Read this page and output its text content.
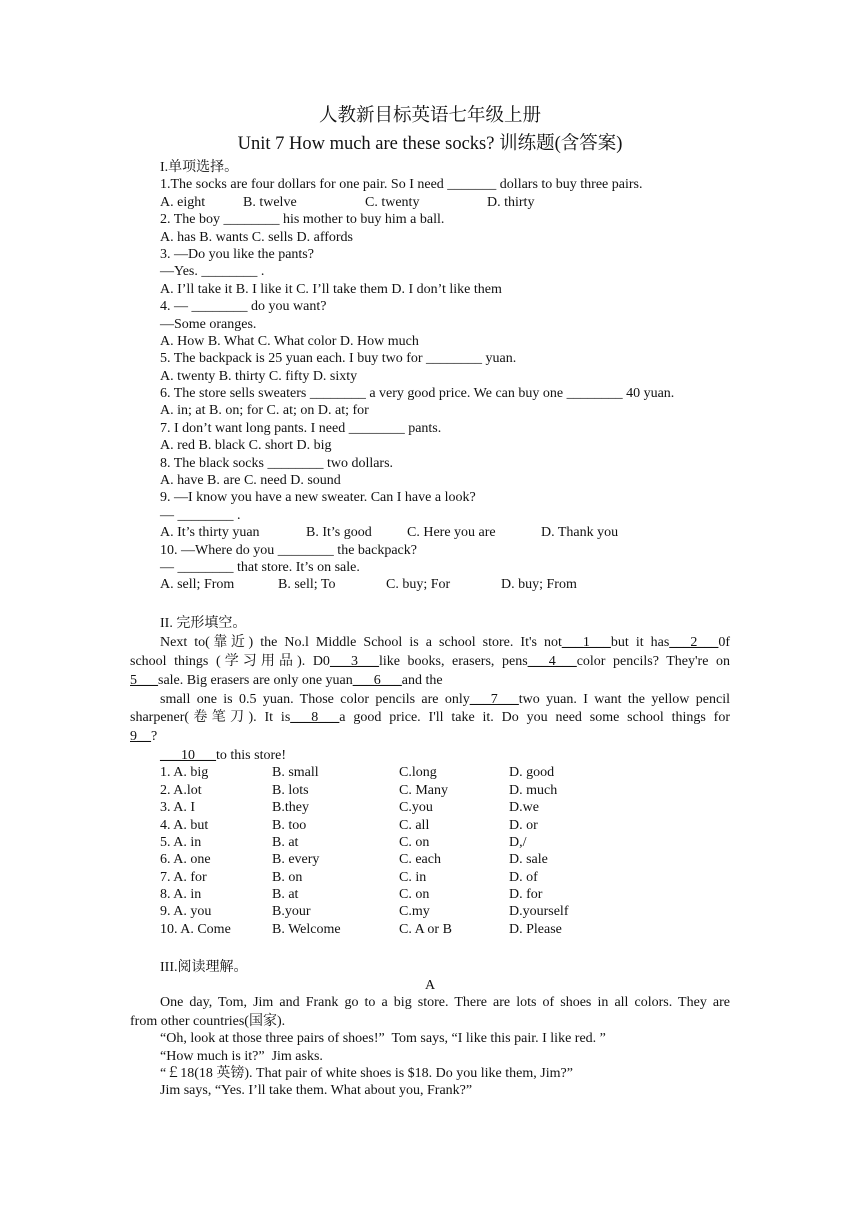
人教新目标英语七年级上册
Unit 7 How much are these socks? 训练题(含答案)
I.单项选择。
1.The socks are four dollars for one pair. So I need _______ dollars to buy three pairs.
A. eight	B. twelve	C. twenty	D. thirty
2. The boy ________ his mother to buy him a ball.
A. has B. wants C. sells D. affords
3. —Do you like the pants?
—Yes. ________ .
A. I’ll take it B. I like it C. I’ll take them D. I don’t like them
4. — ________ do you want?
—Some oranges.
A. How B. What C. What color D. How much
5. The backpack is 25 yuan each. I buy two for ________ yuan.
A. twenty B. thirty C. fifty D. sixty
6. The store sells sweaters ________ a very good price. We can buy one ________ 40 yuan.
A. in; at B. on; for C. at; on D. at; for
7. I don’t want long pants. I need ________ pants.
A. red B. black C. short D. big
8. The black socks ________ two dollars.
A. have B. are C. need D. sound
9. —I know you have a new sweater. Can I have a look?
— ________ .
A. It’s thirty yuan	B. It’s good	C. Here you are	D. Thank you
10. —Where do you ________ the backpack?
— ________ that store. It’s on sale.
A. sell; From	B. sell; To	C. buy; For	D. buy; From
II. 完形填空。
Next to(靠近) the No.l Middle School is a school store. It's not___1___but it has___2___0f
school things (学习用品). D0___3___like books, erasers, pens___4___color pencils? They're on
5___sale. Big erasers are only one yuan___6___and the
small one is 0.5 yuan. Those color pencils are only___7___two yuan. I want the yellow pencil
sharpener(卷笔刀). It is___8___a good price. I'll take it. Do you need some school things for
9__?
___10___to this store!
1. A. big	B. small	C.long	D. good
2. A.lot	B. lots	C. Many	D. much
3. A. I	B.they	C.you	D.we
4. A. but	B. too	C. all	D. or
5. A. in	B. at	C. on	D,/
6. A. one	B. every	C. each	D. sale
7. A. for	B. on	C. in	D. of
8. A. in	B. at	C. on	D. for
9. A. you	B.your	C.my	D.yourself
10. A. Come	B. Welcome	C. A or B	D. Please
III.阅读理解。
A
One day, Tom, Jim and Frank go to a big store. There are lots of shoes in all colors. They are
from other countries(国家).
“Oh, look at those three pairs of shoes!”  Tom says, “I like this pair. I like red. ”
“How much is it?”  Jim asks.
“￡18(18 英镑). That pair of white shoes is $18. Do you like them, Jim?”
Jim says, “Yes. I’ll take them. What about you, Frank?”
